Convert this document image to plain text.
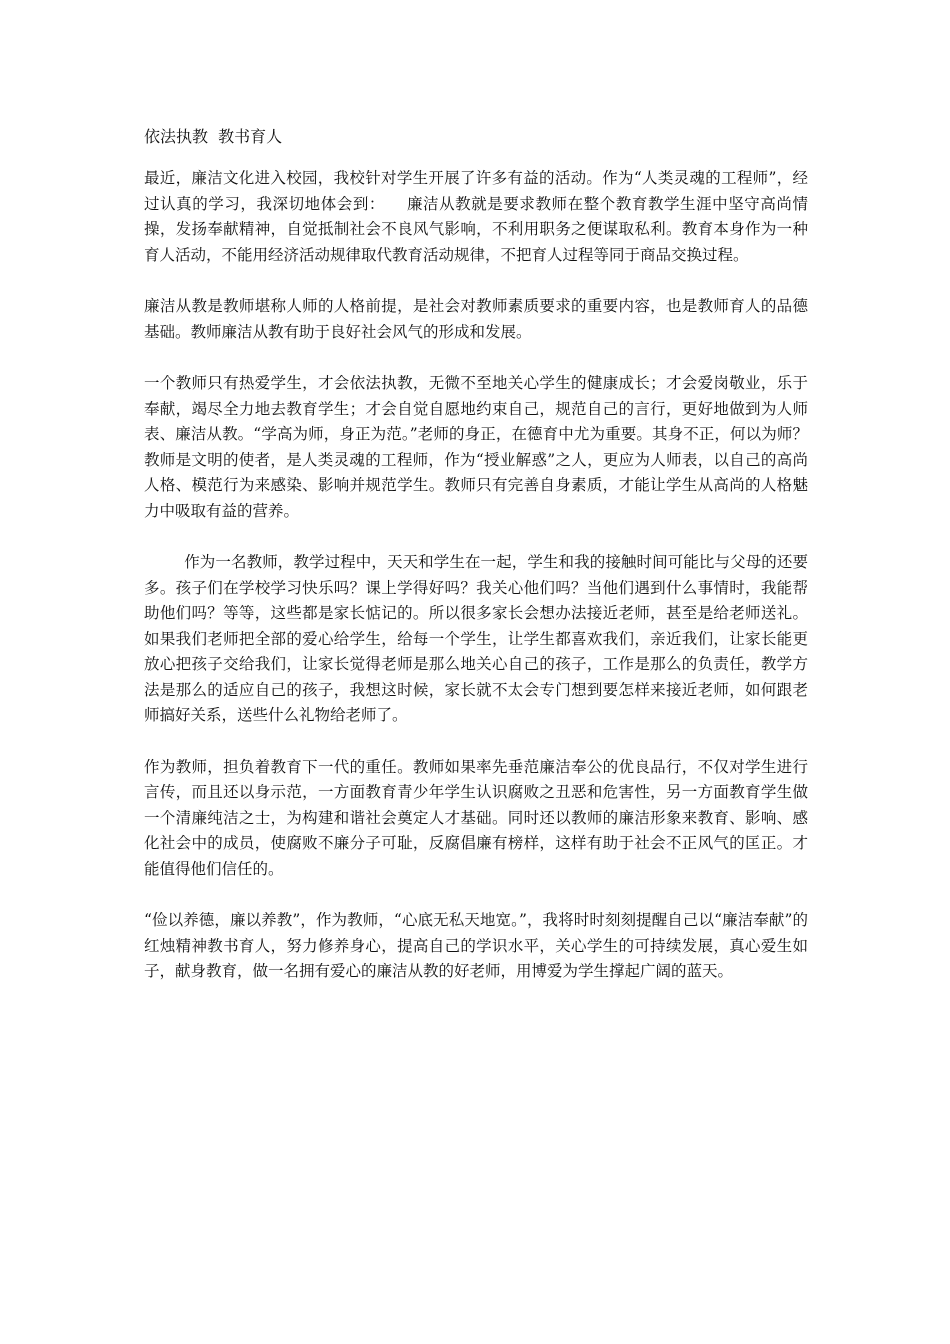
依法执教  教书育人

最近，廉洁文化进入校园，我校针对学生开展了许多有益的活动。作为“人类灵魂的工程师”，经过认真的学习，我深切地体会到：    廉洁从教就是要求教师在整个教育教学生涯中坚守高尚情操，发扬奉献精神，自觉抵制社会不良风气影响，不利用职务之便谋取私利。教育本身作为一种育人活动，不能用经济活动规律取代教育活动规律，不把育人过程等同于商品交换过程。

廉洁从教是教师堪称人师的人格前提，是社会对教师素质要求的重要内容，也是教师育人的品德基础。教师廉洁从教有助于良好社会风气的形成和发展。

一个教师只有热爱学生，才会依法执教，无微不至地关心学生的健康成长；才会爱岗敬业，乐于奉献，竭尽全力地去教育学生；才会自觉自愿地约束自己，规范自己的言行，更好地做到为人师表、廉洁从教。“学高为师，身正为范。”老师的身正，在德育中尤为重要。其身不正，何以为师？教师是文明的使者，是人类灵魂的工程师，作为“授业解惑”之人，更应为人师表，以自己的高尚人格、模范行为来感染、影响并规范学生。教师只有完善自身素质，才能让学生从高尚的人格魅力中吸取有益的营养。

作为一名教师，教学过程中，天天和学生在一起，学生和我的接触时间可能比与父母的还要多。孩子们在学校学习快乐吗？课上学得好吗？我关心他们吗？当他们遇到什么事情时，我能帮助他们吗？等等，这些都是家长惦记的。所以很多家长会想办法接近老师，甚至是给老师送礼。如果我们老师把全部的爱心给学生，给每一个学生，让学生都喜欢我们，亲近我们，让家长能更放心把孩子交给我们，让家长觉得老师是那么地关心自己的孩子，工作是那么的负责任，教学方法是那么的适应自己的孩子，我想这时候，家长就不太会专门想到要怎样来接近老师，如何跟老师搞好关系，送些什么礼物给老师了。

作为教师，担负着教育下一代的重任。教师如果率先垂范廉洁奉公的优良品行，不仅对学生进行言传，而且还以身示范，一方面教育青少年学生认识腐败之丑恶和危害性，另一方面教育学生做一个清廉纯洁之士，为构建和谐社会奠定人才基础。同时还以教师的廉洁形象来教育、影响、感化社会中的成员，使腐败不廉分子可耻，反腐倡廉有榜样，这样有助于社会不正风气的匡正。才能值得他们信任的。

“俭以养德，廉以养教”，作为教师，“心底无私天地宽。”，我将时时刻刻提醒自己以“廉洁奉献”的红烛精神教书育人，努力修养身心，提高自己的学识水平，关心学生的可持续发展，真心爱生如子，献身教育，做一名拥有爱心的廉洁从教的好老师，用博爱为学生撑起广阔的蓝天。
